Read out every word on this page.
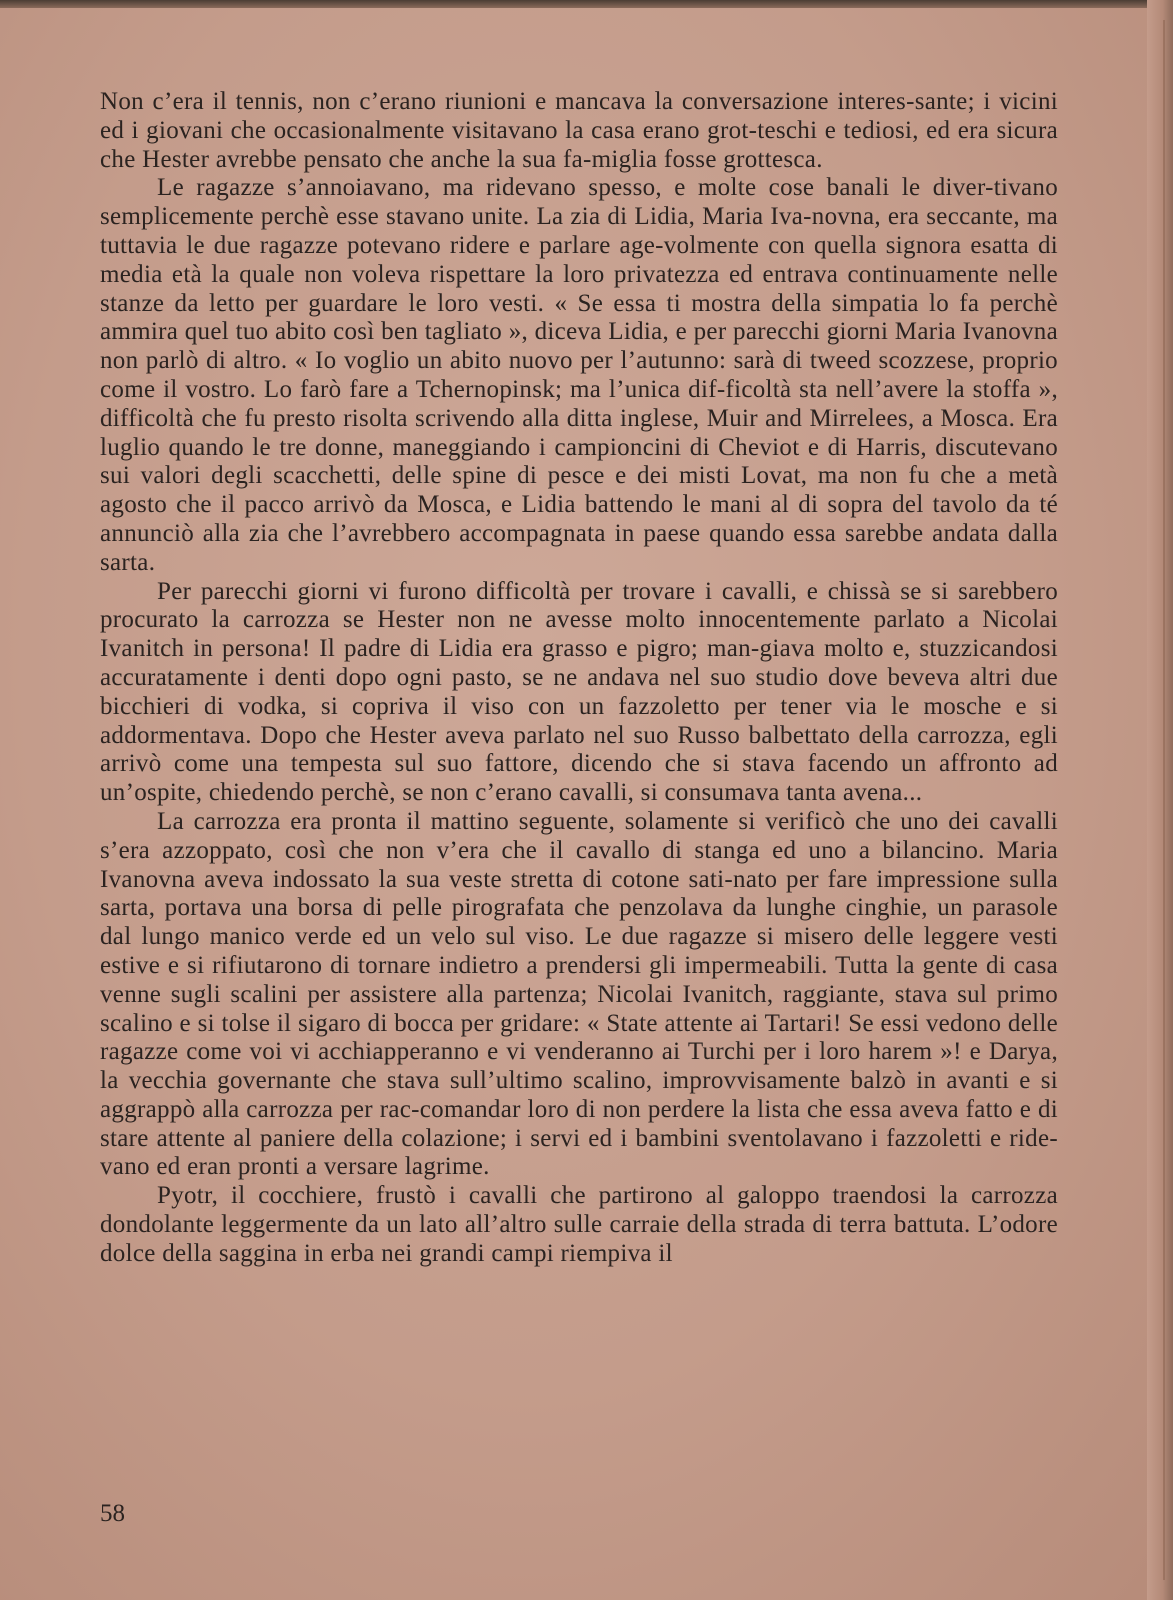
Non c’era il tennis, non c’erano riunioni e mancava la conversazione interes-sante; i vicini ed i giovani che occasionalmente visitavano la casa erano grot-teschi e tediosi, ed era sicura che Hester avrebbe pensato che anche la sua fa-miglia fosse grottesca.

Le ragazze s’annoiavano, ma ridevano spesso, e molte cose banali le diver-tivano semplicemente perchè esse stavano unite. La zia di Lidia, Maria Iva-novna, era seccante, ma tuttavia le due ragazze potevano ridere e parlare age-volmente con quella signora esatta di media età la quale non voleva rispettare la loro privatezza ed entrava continuamente nelle stanze da letto per guardare le loro vesti. « Se essa ti mostra della simpatia lo fa perchè ammira quel tuo abito così ben tagliato », diceva Lidia, e per parecchi giorni Maria Ivanovna non parlò di altro. « Io voglio un abito nuovo per l’autunno: sarà di tweed scozzese, proprio come il vostro. Lo farò fare a Tchernopinsk; ma l’unica dif-ficoltà sta nell’avere la stoffa », difficoltà che fu presto risolta scrivendo alla ditta inglese, Muir and Mirrelees, a Mosca. Era luglio quando le tre donne, maneggiando i campioncini di Cheviot e di Harris, discutevano sui valori degli scacchetti, delle spine di pesce e dei misti Lovat, ma non fu che a metà agosto che il pacco arrivò da Mosca, e Lidia battendo le mani al di sopra del tavolo da té annunciò alla zia che l’avrebbero accompagnata in paese quando essa sarebbe andata dalla sarta.

Per parecchi giorni vi furono difficoltà per trovare i cavalli, e chissà se si sarebbero procurato la carrozza se Hester non ne avesse molto innocentemente parlato a Nicolai Ivanitch in persona! Il padre di Lidia era grasso e pigro; man-giava molto e, stuzzicandosi accuratamente i denti dopo ogni pasto, se ne andava nel suo studio dove beveva altri due bicchieri di vodka, si copriva il viso con un fazzoletto per tener via le mosche e si addormentava. Dopo che Hester aveva parlato nel suo Russo balbettato della carrozza, egli arrivò come una tempesta sul suo fattore, dicendo che si stava facendo un affronto ad un’ospite, chiedendo perchè, se non c’erano cavalli, si consumava tanta avena...

La carrozza era pronta il mattino seguente, solamente si verificò che uno dei cavalli s’era azzoppato, così che non v’era che il cavallo di stanga ed uno a bilancino. Maria Ivanovna aveva indossato la sua veste stretta di cotone sati-nato per fare impressione sulla sarta, portava una borsa di pelle pirografata che penzolava da lunghe cinghie, un parasole dal lungo manico verde ed un velo sul viso. Le due ragazze si misero delle leggere vesti estive e si rifiutarono di tornare indietro a prendersi gli impermeabili. Tutta la gente di casa venne sugli scalini per assistere alla partenza; Nicolai Ivanitch, raggiante, stava sul primo scalino e si tolse il sigaro di bocca per gridare: « State attente ai Tartari! Se essi vedono delle ragazze come voi vi acchiapperanno e vi venderanno ai Turchi per i loro harem »! e Darya, la vecchia governante che stava sull’ultimo scalino, improvvisamente balzò in avanti e si aggrappò alla carrozza per rac-comandar loro di non perdere la lista che essa aveva fatto e di stare attente al paniere della colazione; i servi ed i bambini sventolavano i fazzoletti e ride-vano ed eran pronti a versare lagrime.

Pyotr, il cocchiere, frustò i cavalli che partirono al galoppo traendosi la carrozza dondolante leggermente da un lato all’altro sulle carraie della strada di terra battuta. L’odore dolce della saggina in erba nei grandi campi riempiva il

58
